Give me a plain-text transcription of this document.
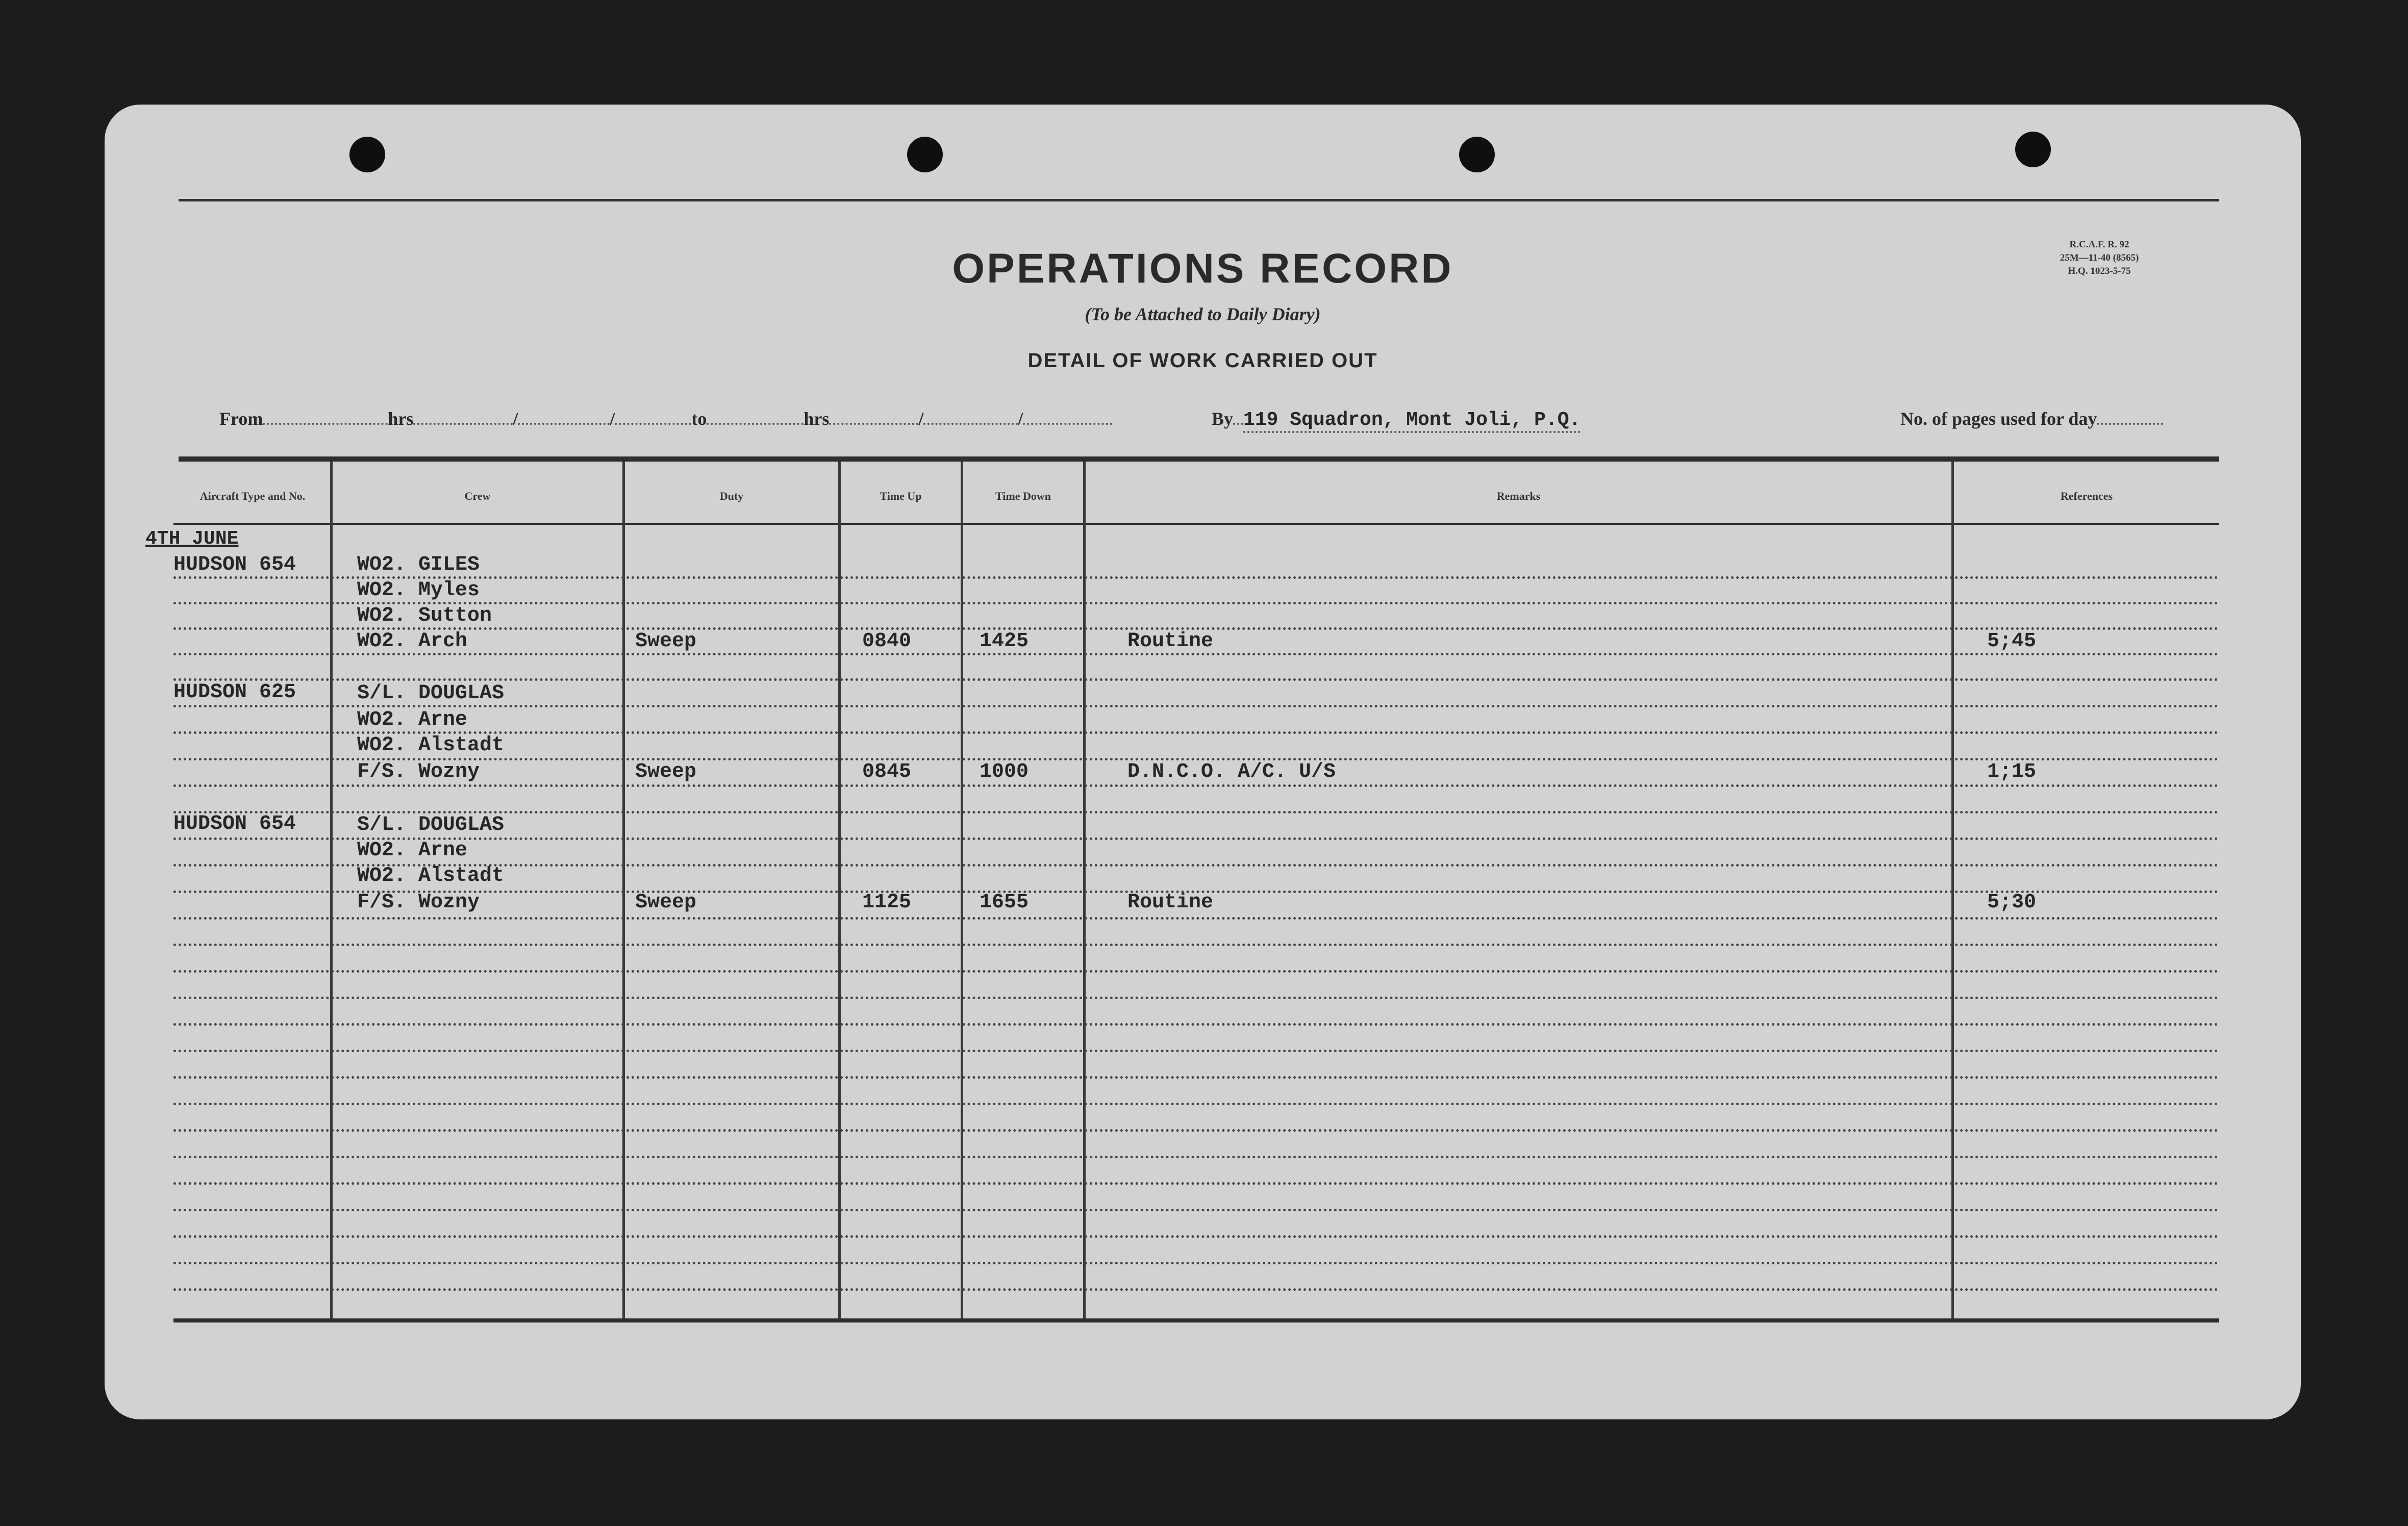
OPERATIONS RECORD
(To be Attached to Daily Diary)
DETAIL OF WORK CARRIED OUT
R.C.A.F. R. 92
25M—11-40 (8565)
H.Q. 1023-5-75
From	hrs	/	/	to	hrs	/	/	By 119 Squadron, Mont Joli, P.Q.	No. of pages used for day
Aircraft Type and No.	Crew	Duty	Time Up	Time Down	Remarks	References
4TH JUNE
HUDSON 654	WO2. GILES
WO2. Myles
WO2. Sutton
WO2. Arch	Sweep	0840	1425	Routine	5;45
HUDSON 625	S/L. DOUGLAS
WO2. Arne
WO2. Alstadt
F/S. Wozny	Sweep	0845	1000	D.N.C.O. A/C. U/S	1;15
HUDSON 654	S/L. DOUGLAS
WO2. Arne
WO2. Alstadt
F/S. Wozny	Sweep	1125	1655	Routine	5;30
